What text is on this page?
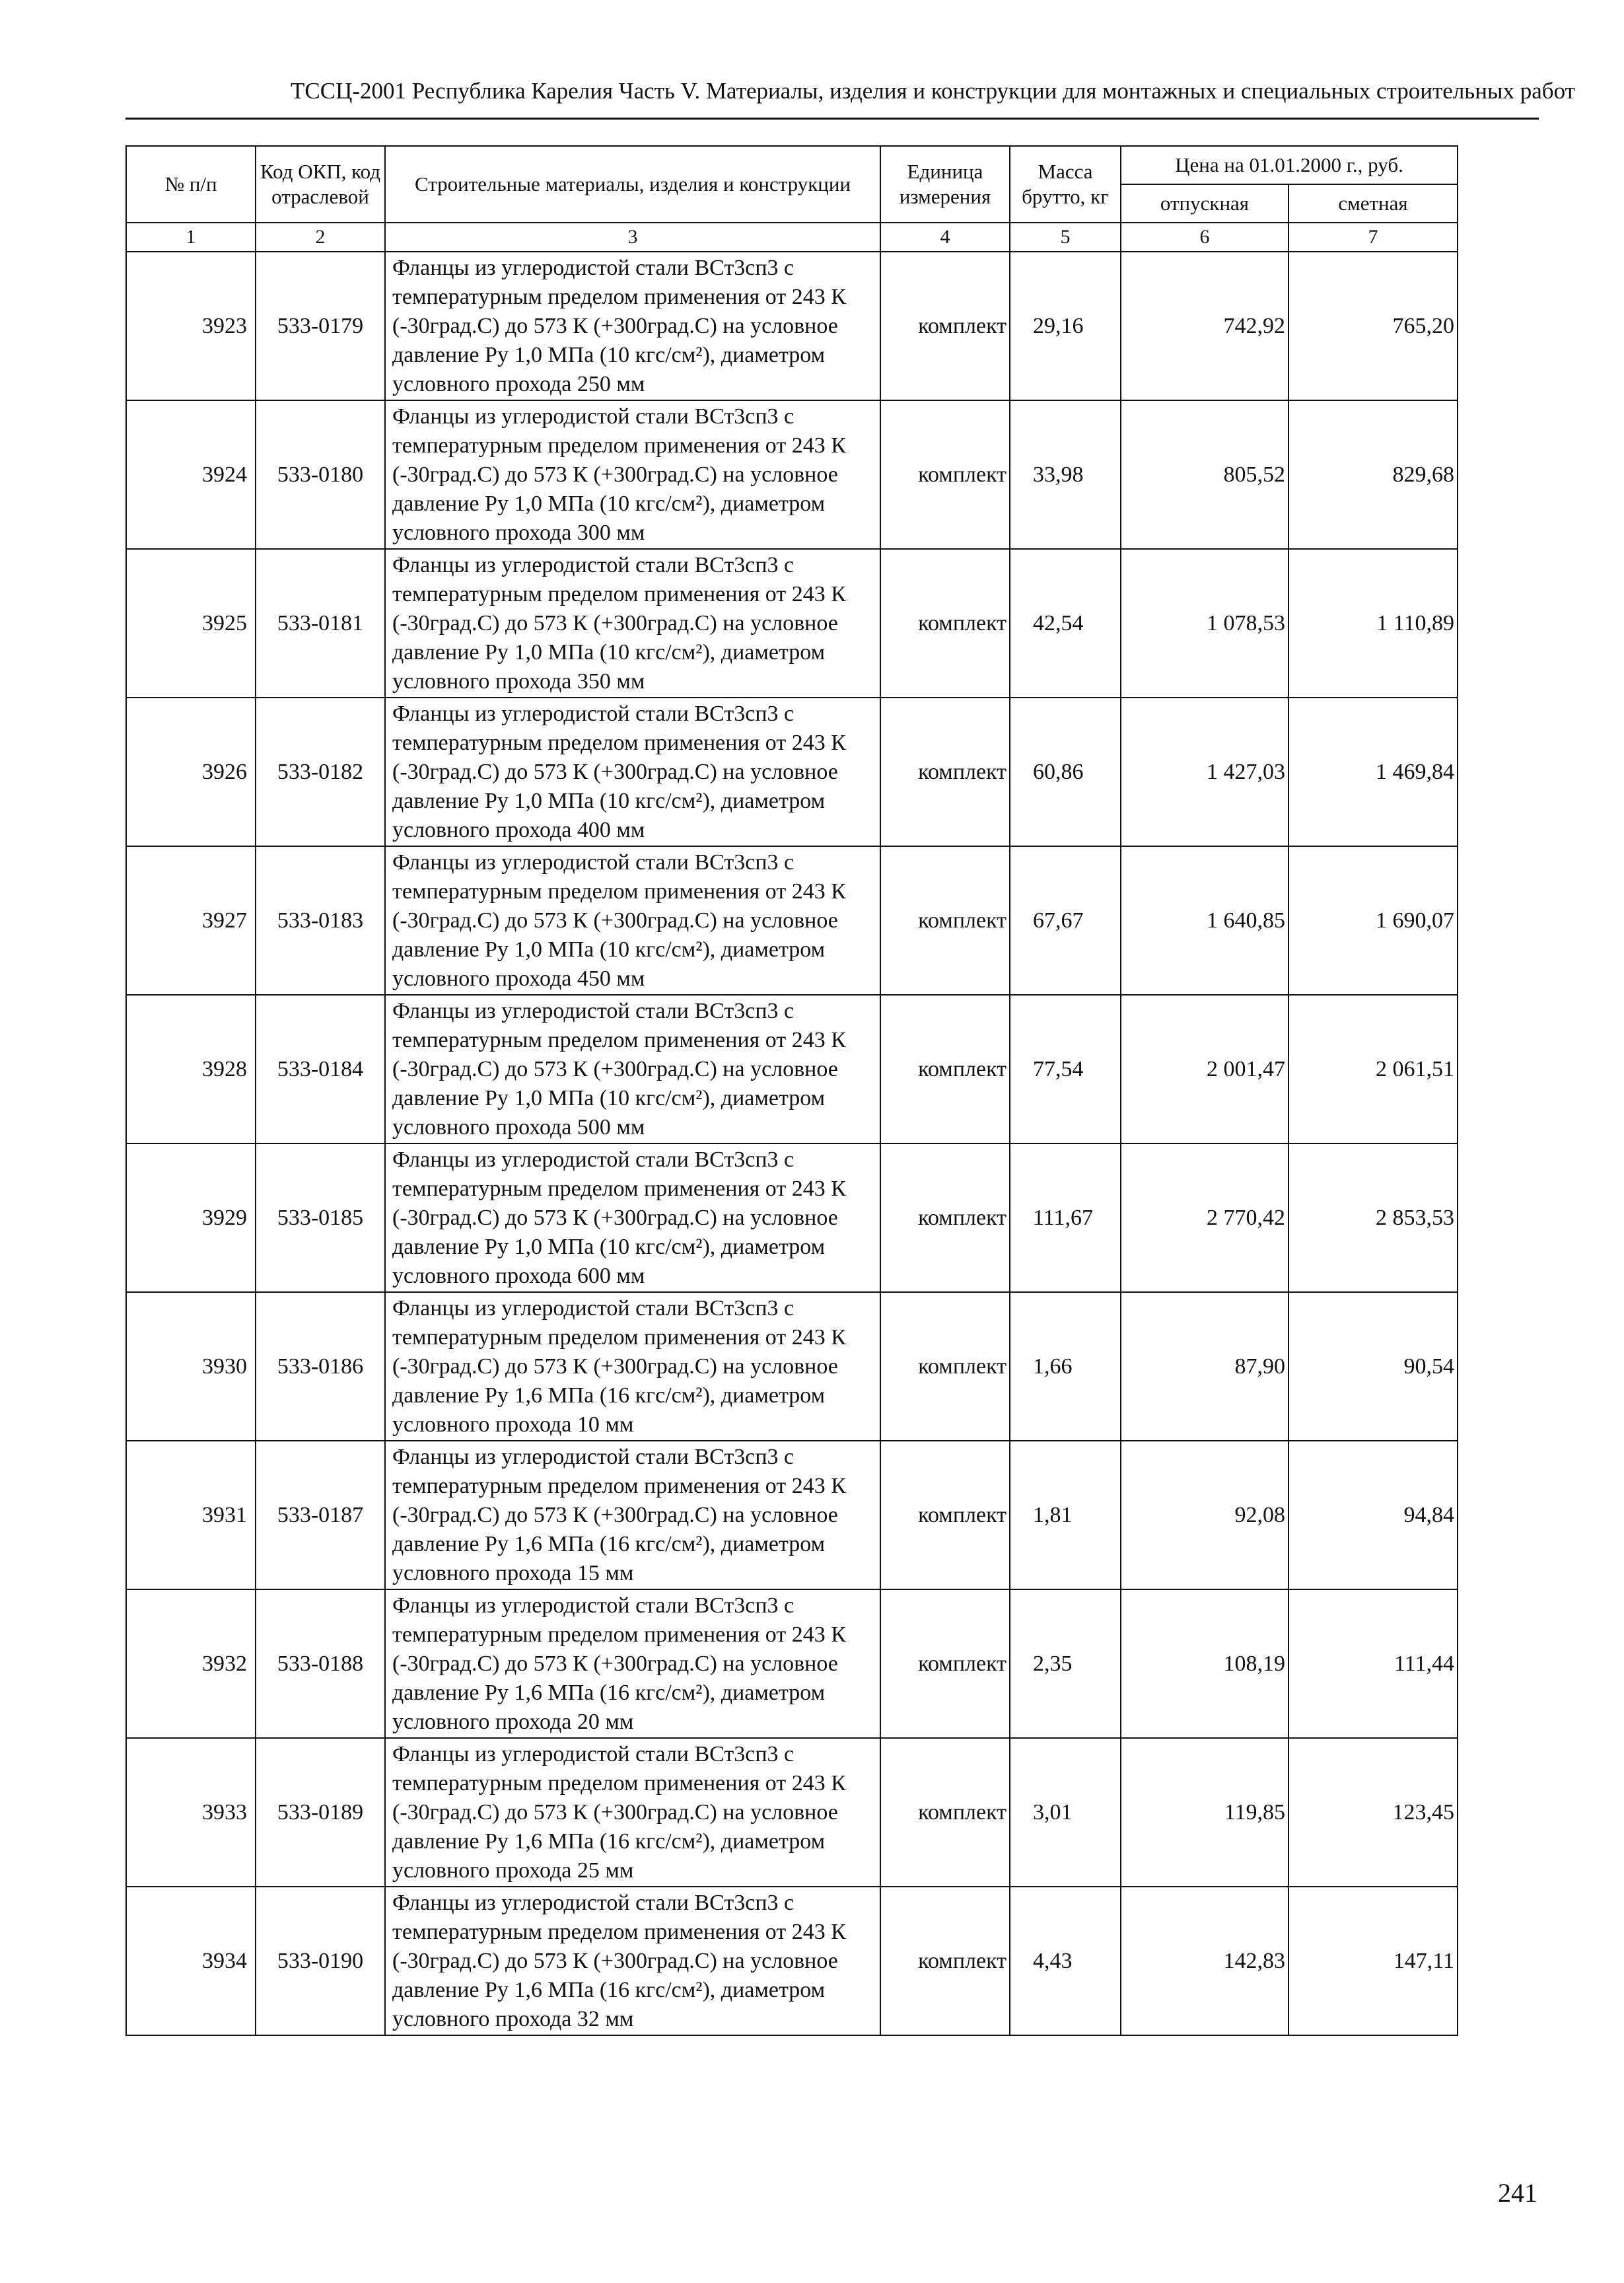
ТССЦ-2001 Республика Карелия Часть V. Материалы, изделия и конструкции для монтажных и специальных строительных работ
№ п/п	Код ОКП, код отраслевой	Строительные материалы, изделия и конструкции	Единица измерения	Масса брутто, кг	Цена на 01.01.2000 г., руб.	
					отпускная	сметная
1	2	3	4	5	6	7
3923	533-0179	Фланцы из углеродистой стали ВСт3сп3 с температурным пределом применения от 243 К (-30град.С) до 573 К (+300град.С) на условное давление Ру 1,0 МПа (10 кгс/см²), диаметром условного прохода 250 мм	комплект	29,16	742,92	765,20
3924	533-0180	Фланцы из углеродистой стали ВСт3сп3 с температурным пределом применения от 243 К (-30град.С) до 573 К (+300град.С) на условное давление Ру 1,0 МПа (10 кгс/см²), диаметром условного прохода 300 мм	комплект	33,98	805,52	829,68
3925	533-0181	Фланцы из углеродистой стали ВСт3сп3 с температурным пределом применения от 243 К (-30град.С) до 573 К (+300град.С) на условное давление Ру 1,0 МПа (10 кгс/см²), диаметром условного прохода 350 мм	комплект	42,54	1 078,53	1 110,89
3926	533-0182	Фланцы из углеродистой стали ВСт3сп3 с температурным пределом применения от 243 К (-30град.С) до 573 К (+300град.С) на условное давление Ру 1,0 МПа (10 кгс/см²), диаметром условного прохода 400 мм	комплект	60,86	1 427,03	1 469,84
3927	533-0183	Фланцы из углеродистой стали ВСт3сп3 с температурным пределом применения от 243 К (-30град.С) до 573 К (+300град.С) на условное давление Ру 1,0 МПа (10 кгс/см²), диаметром условного прохода 450 мм	комплект	67,67	1 640,85	1 690,07
3928	533-0184	Фланцы из углеродистой стали ВСт3сп3 с температурным пределом применения от 243 К (-30град.С) до 573 К (+300град.С) на условное давление Ру 1,0 МПа (10 кгс/см²), диаметром условного прохода 500 мм	комплект	77,54	2 001,47	2 061,51
3929	533-0185	Фланцы из углеродистой стали ВСт3сп3 с температурным пределом применения от 243 К (-30град.С) до 573 К (+300град.С) на условное давление Ру 1,0 МПа (10 кгс/см²), диаметром условного прохода 600 мм	комплект	111,67	2 770,42	2 853,53
3930	533-0186	Фланцы из углеродистой стали ВСт3сп3 с температурным пределом применения от 243 К (-30град.С) до 573 К (+300град.С) на условное давление Ру 1,6 МПа (16 кгс/см²), диаметром условного прохода 10 мм	комплект	1,66	87,90	90,54
3931	533-0187	Фланцы из углеродистой стали ВСт3сп3 с температурным пределом применения от 243 К (-30град.С) до 573 К (+300град.С) на условное давление Ру 1,6 МПа (16 кгс/см²), диаметром условного прохода 15 мм	комплект	1,81	92,08	94,84
3932	533-0188	Фланцы из углеродистой стали ВСт3сп3 с температурным пределом применения от 243 К (-30град.С) до 573 К (+300град.С) на условное давление Ру 1,6 МПа (16 кгс/см²), диаметром условного прохода 20 мм	комплект	2,35	108,19	111,44
3933	533-0189	Фланцы из углеродистой стали ВСт3сп3 с температурным пределом применения от 243 К (-30град.С) до 573 К (+300град.С) на условное давление Ру 1,6 МПа (16 кгс/см²), диаметром условного прохода 25 мм	комплект	3,01	119,85	123,45
3934	533-0190	Фланцы из углеродистой стали ВСт3сп3 с температурным пределом применения от 243 К (-30град.С) до 573 К (+300град.С) на условное давление Ру 1,6 МПа (16 кгс/см²), диаметром условного прохода 32 мм	комплект	4,43	142,83	147,11
241
